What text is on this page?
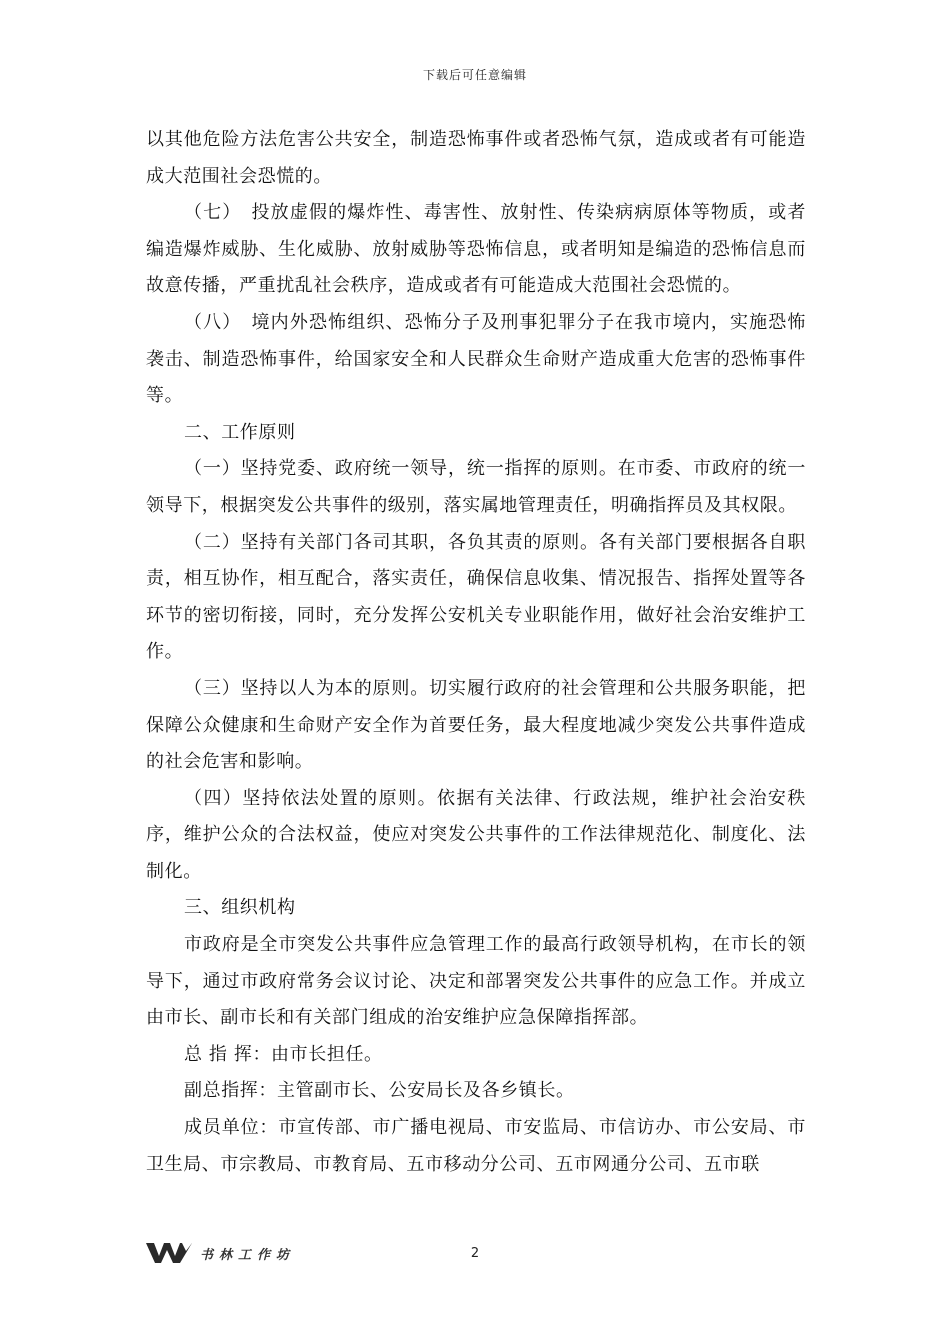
下载后可任意编辑

以其他危险方法危害公共安全，制造恐怖事件或者恐怖气氛，造成或者有可能造成大范围社会恐慌的。

（七）　投放虚假的爆炸性、毒害性、放射性、传染病病原体等物质，或者编造爆炸威胁、生化威胁、放射威胁等恐怖信息，或者明知是编造的恐怖信息而故意传播，严重扰乱社会秩序，造成或者有可能造成大范围社会恐慌的。

（八）　境内外恐怖组织、恐怖分子及刑事犯罪分子在我市境内，实施恐怖袭击、制造恐怖事件，给国家安全和人民群众生命财产造成重大危害的恐怖事件等。

二、工作原则

（一）坚持党委、政府统一领导，统一指挥的原则。在市委、市政府的统一领导下，根据突发公共事件的级别，落实属地管理责任，明确指挥员及其权限。

（二）坚持有关部门各司其职，各负其责的原则。各有关部门要根据各自职责，相互协作，相互配合，落实责任，确保信息收集、情况报告、指挥处置等各环节的密切衔接，同时，充分发挥公安机关专业职能作用，做好社会治安维护工作。

（三）坚持以人为本的原则。切实履行政府的社会管理和公共服务职能，把保障公众健康和生命财产安全作为首要任务，最大程度地减少突发公共事件造成的社会危害和影响。

（四）坚持依法处置的原则。依据有关法律、行政法规，维护社会治安秩序，维护公众的合法权益，使应对突发公共事件的工作法律规范化、制度化、法制化。

三、组织机构

市政府是全市突发公共事件应急管理工作的最高行政领导机构，在市长的领导下，通过市政府常务会议讨论、决定和部署突发公共事件的应急工作。并成立由市长、副市长和有关部门组成的治安维护应急保障指挥部。

总 指 挥：由市长担任。

副总指挥：主管副市长、公安局长及各乡镇长。

成员单位：市宣传部、市广播电视局、市安监局、市信访办、市公安局、市卫生局、市宗教局、市教育局、五市移动分公司、五市网通分公司、五市联

书林工作坊	2
